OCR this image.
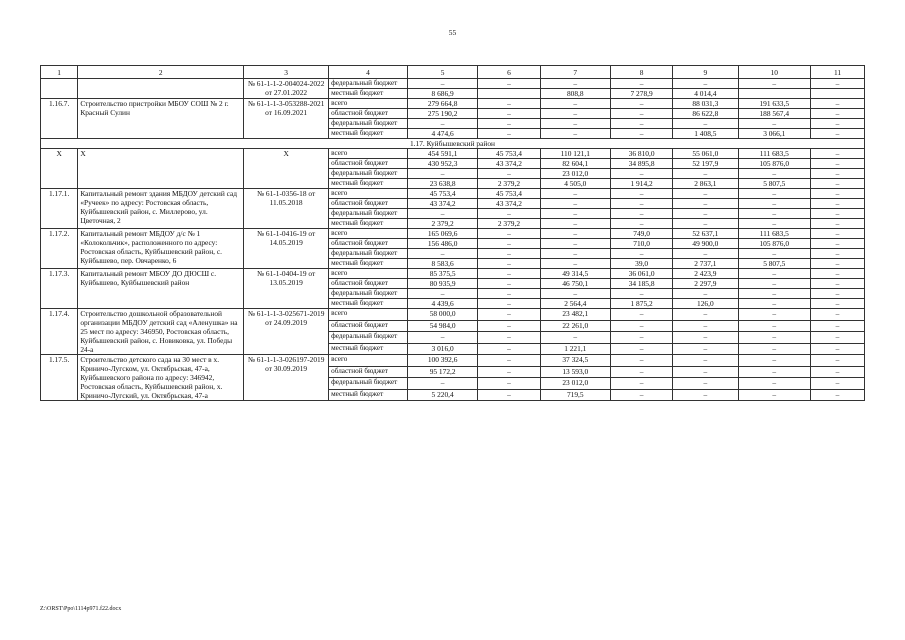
55
1	2	3	4	5	6	7	8	9	10	11
		№ 61-1-1-2-004024-2022 от 27.01.2022	федеральный бюджет	–	–	–	–	–	–	–
			местный бюджет	8 686,9		808,8	7 278,9	4 014,4		
1.16.7.	Строительство пристройки МБОУ СОШ № 2 г. Красный Сулин	№ 61-1-1-3-053288-2021 от 16.09.2021	всего	279 664,8	–	–	–	88 031,3	191 633,5	–
			областной бюджет	275 190,2	–	–	–	86 622,8	188 567,4	–
			федеральный бюджет	–	–	–	–	–	–	–
			местный бюджет	4 474,6	–	–	–	1 408,5	3 066,1	–
1.17. Куйбышевский район										
Х	Х	Х	всего	454 591,1	45 753,4	110 121,1	36 810,0	55 061,0	111 683,5	–
			областной бюджет	430 952,3	43 374,2	82 604,1	34 895,8	52 197,9	105 876,0	–
			федеральный бюджет	–	–	23 012,0	–	–	–	–
			местный бюджет	23 638,8	2 379,2	4 505,0	1 914,2	2 863,1	5 807,5	–
1.17.1.	Капитальный ремонт здания МБДОУ детский сад «Ручеек» по адресу: Ростовская область, Куйбышевский район, с. Миллерово, ул. Цветочная, 2	№ 61-1-0356-18 от 11.05.2018	всего	45 753,4	45 753,4	–	–	–	–	–
			областной бюджет	43 374,2	43 374,2	–	–	–	–	–
			федеральный бюджет	–	–	–	–	–	–	–
			местный бюджет	2 379,2	2 379,2	–	–	–	–	–
1.17.2.	Капитальный ремонт МБДОУ д/с № 1 «Колокольчик», расположенного по адресу: Ростовская область, Куйбышевский район, с. Куйбышево, пер. Овчаренко, 6	№ 61-1-0416-19 от 14.05.2019	всего	165 069,6	–	–	749,0	52 637,1	111 683,5	–
			областной бюджет	156 486,0	–	–	710,0	49 900,0	105 876,0	–
			федеральный бюджет	–	–	–	–	–	–	–
			местный бюджет	8 583,6	–	–	39,0	2 737,1	5 807,5	–
1.17.3.	Капитальный ремонт МБОУ ДО ДЮСШ с. Куйбышево, Куйбышевский район	№ 61-1-0404-19 от 13.05.2019	всего	85 375,5	–	49 314,5	36 061,0	2 423,9	–	–
			областной бюджет	80 935,9	–	46 750,1	34 185,8	2 297,9	–	–
			федеральный бюджет	–	–	–	–	–	–	–
			местный бюджет	4 439,6	–	2 564,4	1 875,2	126,0	–	–
1.17.4.	Строительство дошкольной образовательной организации МБДОУ детский сад «Аленушка» на 25 мест по адресу: 346950, Ростовская область, Куйбышевский район, с. Новиковка, ул. Победы 24-а	№ 61-1-1-3-025671-2019 от 24.09.2019	всего	58 000,0	–	23 482,1	–	–	–	–
			областной бюджет	54 984,0	–	22 261,0	–	–	–	–
			федеральный бюджет	–	–	–	–	–	–	–
			местный бюджет	3 016,0	–	1 221,1	–	–	–	–
1.17.5.	Строительство детского сада на 30 мест в х. Криничо-Лугском, ул. Октябрьская, 47-а, Куйбышевского района по адресу: 346942, Ростовская область, Куйбышевский район, х. Криничо-Лугский, ул. Октябрьская, 47-а	№ 61-1-1-3-026197-2019 от 30.09.2019	всего	100 392,6	–	37 324,5	–	–	–	–
			областной бюджет	95 172,2	–	13 593,0	–	–	–	–
			федеральный бюджет	–	–	23 012,0	–	–	–	–
			местный бюджет	5 220,4	–	719,5	–	–	–	–
Z:\ORST\Ppo\1114p971.f22.docx
